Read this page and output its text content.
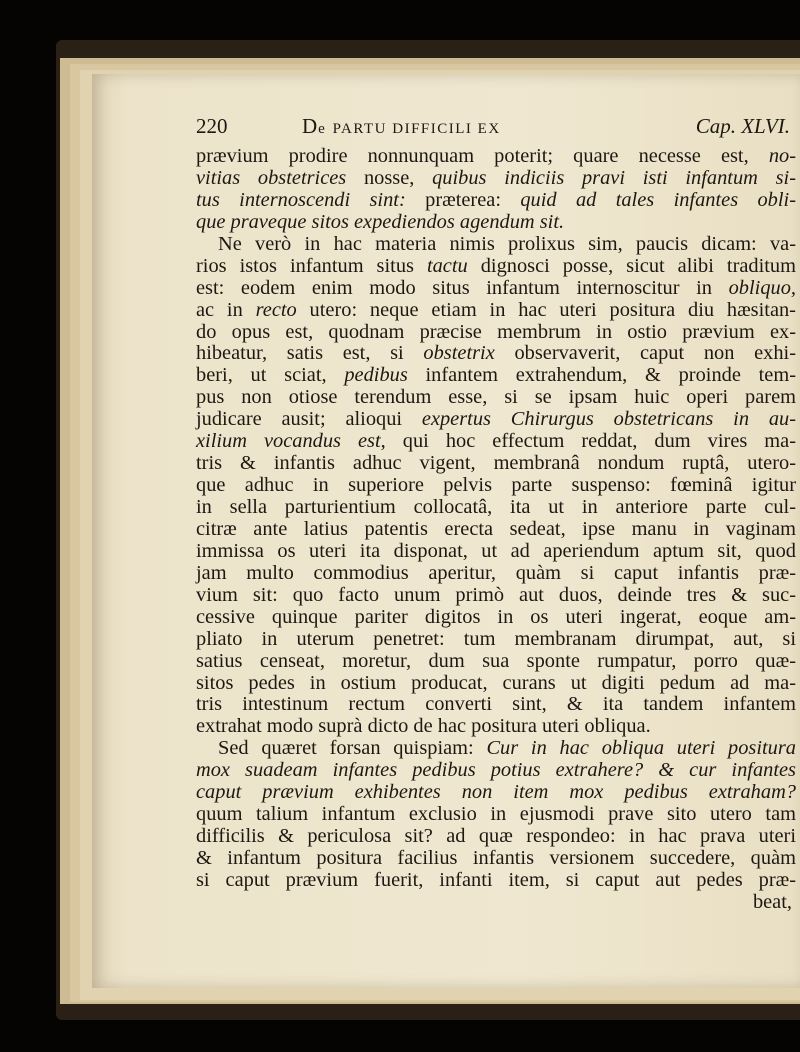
220	De PARTU DIFFICILI EX	Cap. XLVI.
prævium prodire nonnunquam poterit; quare necesse est, no-
vitias obstetrices nosse, quibus indiciis pravi isti infantum si-
tus internoscendi sint: præterea: quid ad tales infantes obli-
que praveque sitos expediendos agendum sit.
Ne verò in hac materia nimis prolixus sim, paucis dicam: va-
rios istos infantum situs tactu dignosci posse, sicut alibi traditum
est: eodem enim modo situs infantum internoscitur in obliquo,
ac in recto utero: neque etiam in hac uteri positura diu hæsitan-
do opus est, quodnam præcise membrum in ostio prævium ex-
hibeatur, satis est, si obstetrix observaverit, caput non exhi-
beri, ut sciat, pedibus infantem extrahendum, & proinde tem-
pus non otiose terendum esse, si se ipsam huic operi parem
judicare ausit; alioqui expertus Chirurgus obstetricans in au-
xilium vocandus est, qui hoc effectum reddat, dum vires ma-
tris & infantis adhuc vigent, membranâ nondum ruptâ, utero-
que adhuc in superiore pelvis parte suspenso: fœminâ igitur
in sella parturientium collocatâ, ita ut in anteriore parte cul-
citræ ante latius patentis erecta sedeat, ipse manu in vaginam
immissa os uteri ita disponat, ut ad aperiendum aptum sit, quod
jam multo commodius aperitur, quàm si caput infantis præ-
vium sit: quo facto unum primò aut duos, deinde tres & suc-
cessive quinque pariter digitos in os uteri ingerat, eoque am-
pliato in uterum penetret: tum membranam dirumpat, aut, si
satius censeat, moretur, dum sua sponte rumpatur, porro quæ-
sitos pedes in ostium producat, curans ut digiti pedum ad ma-
tris intestinum rectum converti sint, & ita tandem infantem
extrahat modo suprà dicto de hac positura uteri obliqua.
Sed quæret forsan quispiam: Cur in hac obliqua uteri positura
mox suadeam infantes pedibus potius extrahere? & cur infantes
caput prævium exhibentes non item mox pedibus extraham?
quum talium infantum exclusio in ejusmodi prave sito utero tam
difficilis & periculosa sit? ad quæ respondeo: in hac prava uteri
& infantum positura facilius infantis versionem succedere, quàm
si caput prævium fuerit, infanti item, si caput aut pedes præ-
beat,
